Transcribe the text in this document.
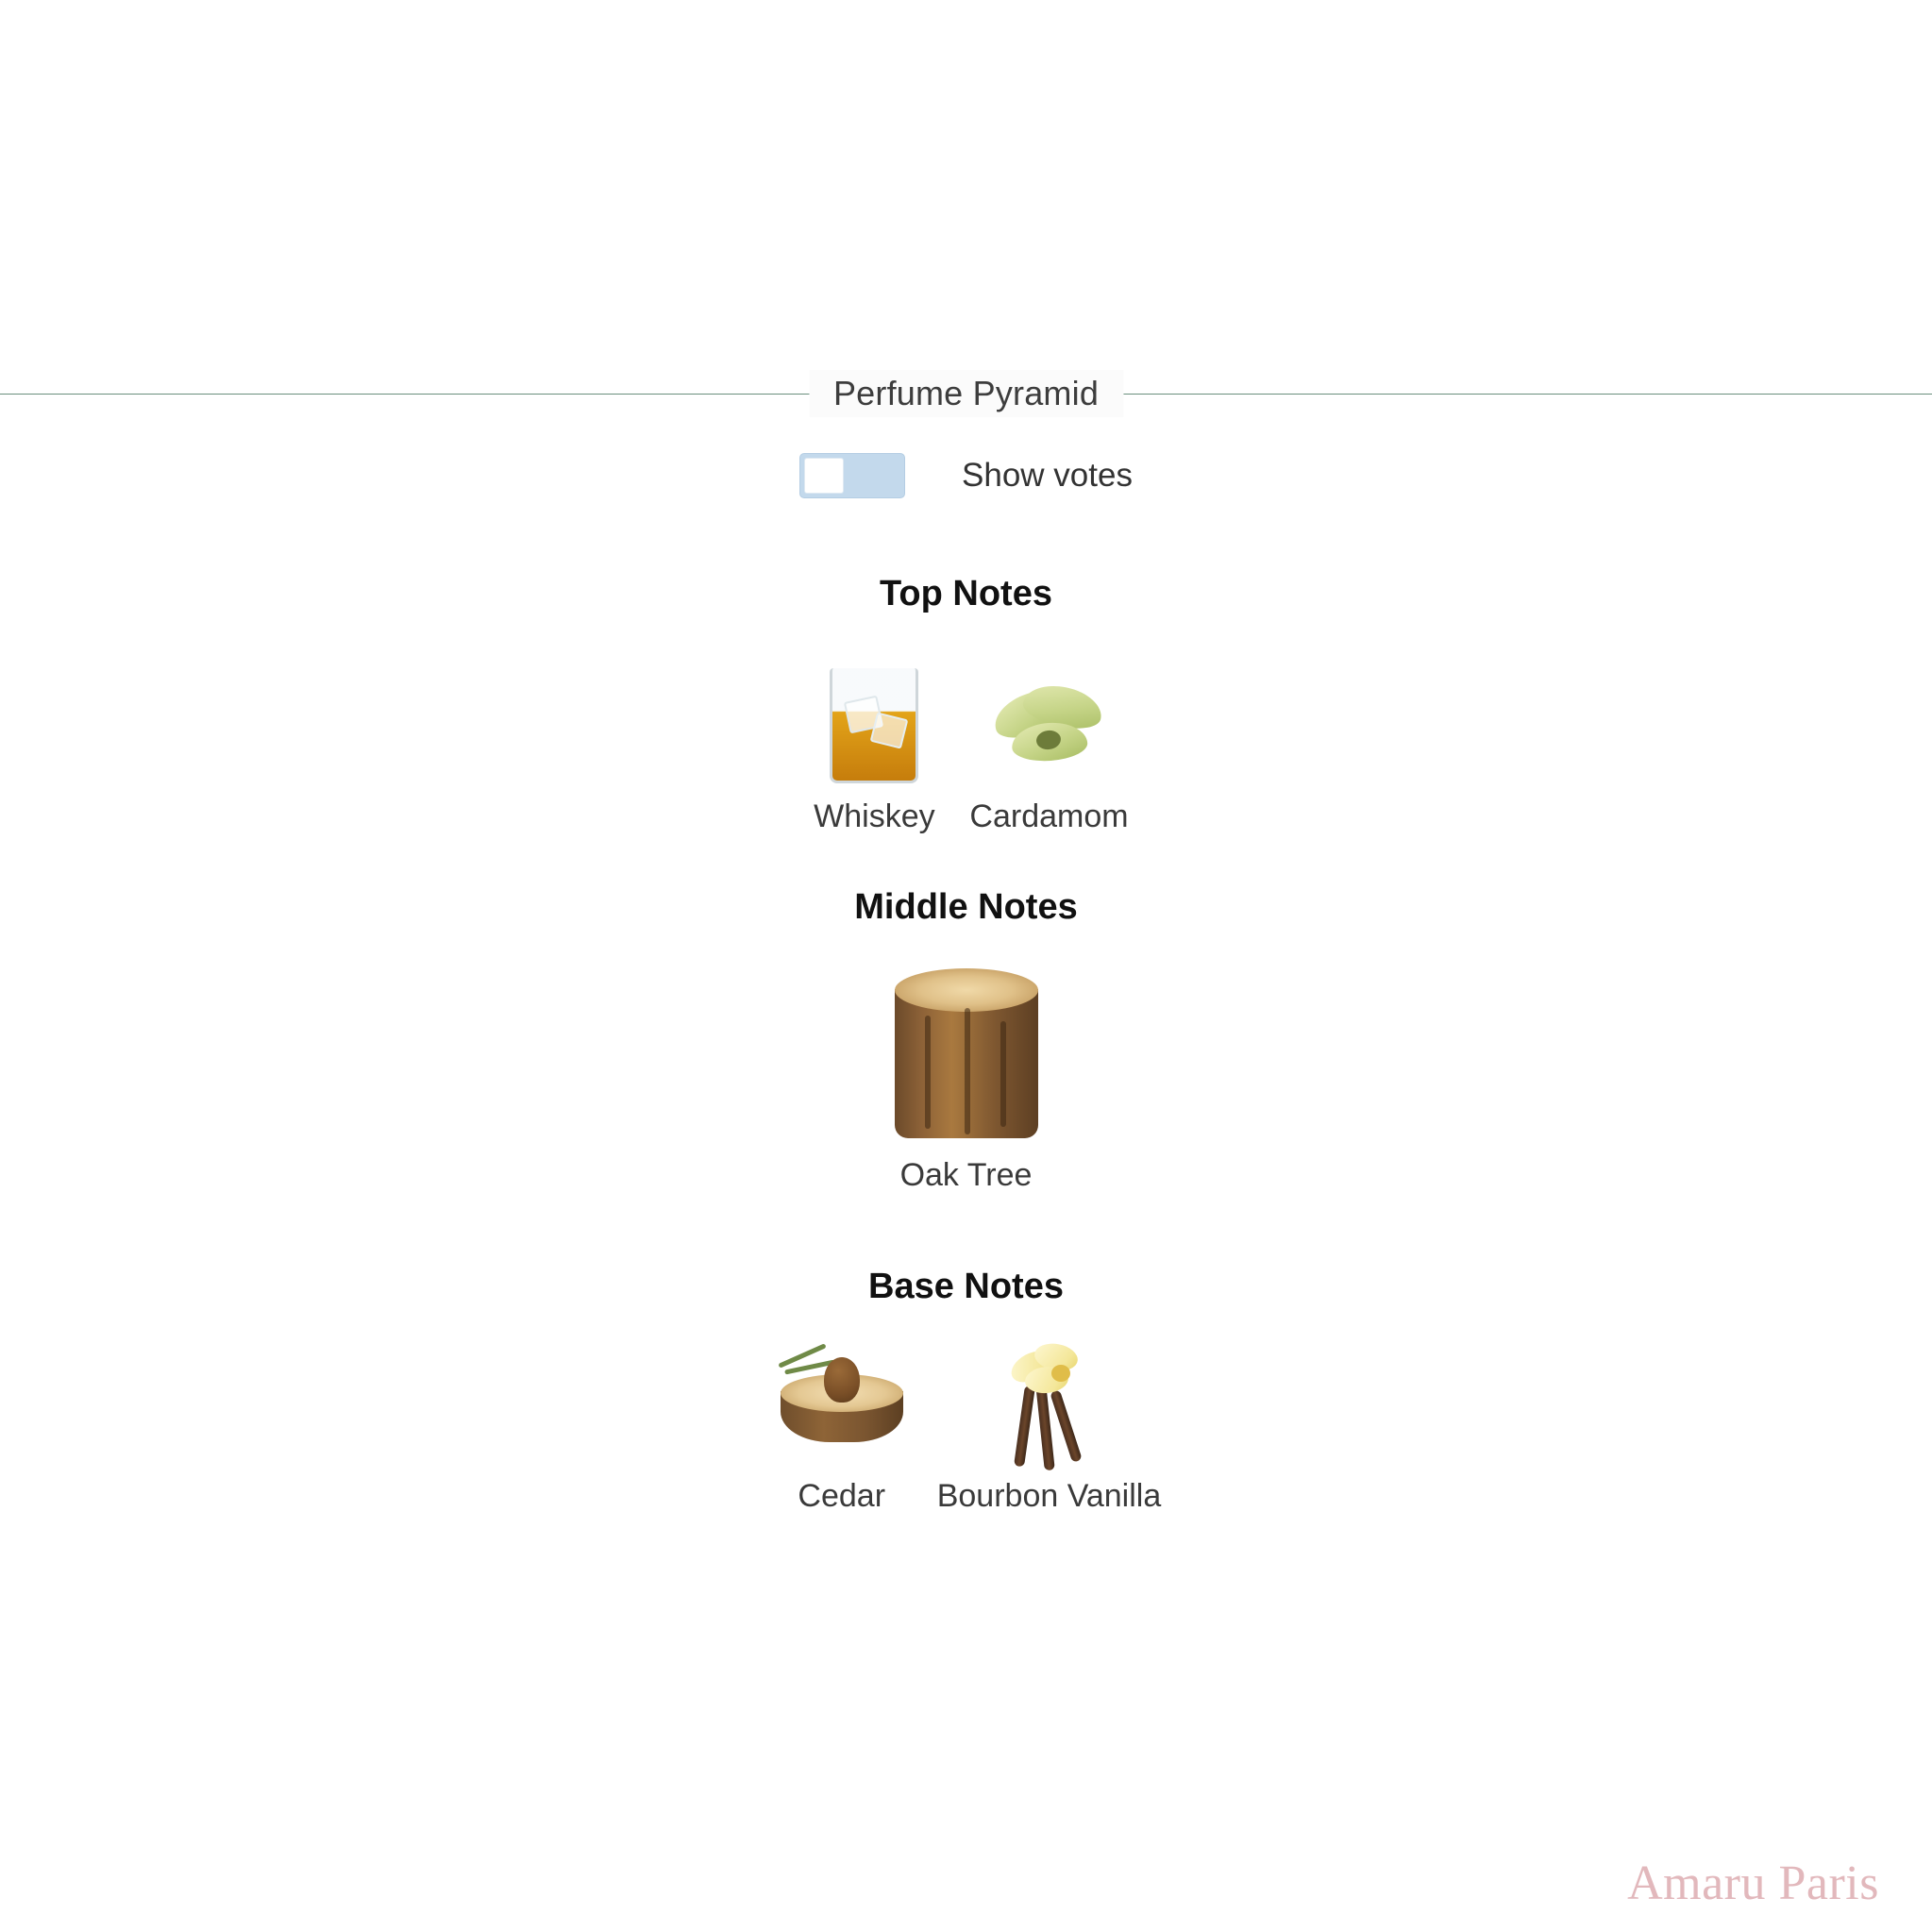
Perfume Pyramid
Show votes
Top Notes
Whiskey Cardamom
Middle Notes
Oak Tree
Base Notes
Cedar Bourbon Vanilla
Amaru Paris
